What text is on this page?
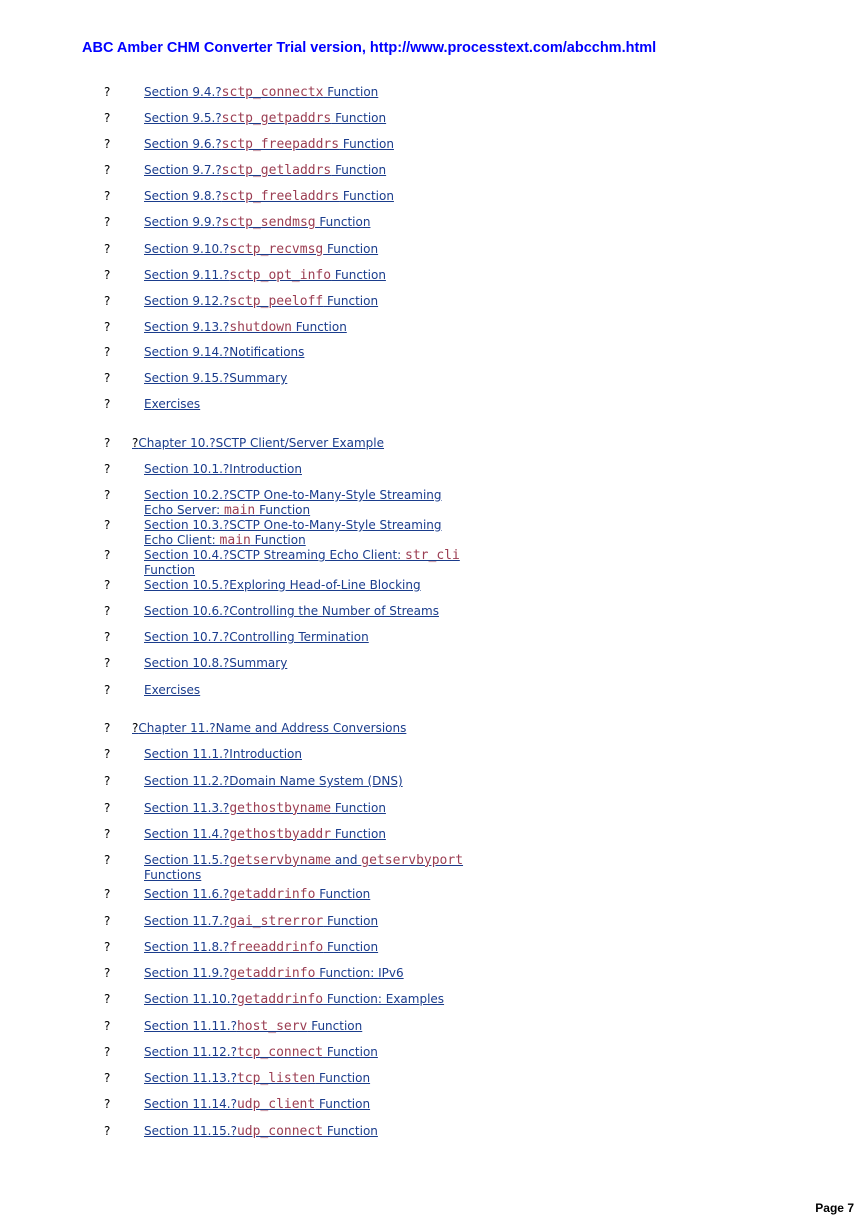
ABC Amber CHM Converter Trial version, http://www.processtext.com/abcchm.html
?	Section 9.4.?sctp_connectx Function
?	Section 9.5.?sctp_getpaddrs Function
?	Section 9.6.?sctp_freepaddrs Function
?	Section 9.7.?sctp_getladdrs Function
?	Section 9.8.?sctp_freeladdrs Function
?	Section 9.9.?sctp_sendmsg Function
?	Section 9.10.?sctp_recvmsg Function
?	Section 9.11.?sctp_opt_info Function
?	Section 9.12.?sctp_peeloff Function
?	Section 9.13.?shutdown Function
?	Section 9.14.?Notifications
?	Section 9.15.?Summary
?	Exercises
? ?Chapter 10.?SCTP Client/Server Example
?	Section 10.1.?Introduction
?	Section 10.2.?SCTP One-to-Many-Style Streaming Echo Server: main Function
?	Section 10.3.?SCTP One-to-Many-Style Streaming Echo Client: main Function
?	Section 10.4.?SCTP Streaming Echo Client: str_cli Function
?	Section 10.5.?Exploring Head-of-Line Blocking
?	Section 10.6.?Controlling the Number of Streams
?	Section 10.7.?Controlling Termination
?	Section 10.8.?Summary
?	Exercises
? ?Chapter 11.?Name and Address Conversions
?	Section 11.1.?Introduction
?	Section 11.2.?Domain Name System (DNS)
?	Section 11.3.?gethostbyname Function
?	Section 11.4.?gethostbyaddr Function
?	Section 11.5.?getservbyname and getservbyport Functions
?	Section 11.6.?getaddrinfo Function
?	Section 11.7.?gai_strerror Function
?	Section 11.8.?freeaddrinfo Function
?	Section 11.9.?getaddrinfo Function: IPv6
?	Section 11.10.?getaddrinfo Function: Examples
?	Section 11.11.?host_serv Function
?	Section 11.12.?tcp_connect Function
?	Section 11.13.?tcp_listen Function
?	Section 11.14.?udp_client Function
?	Section 11.15.?udp_connect Function
Page 7
